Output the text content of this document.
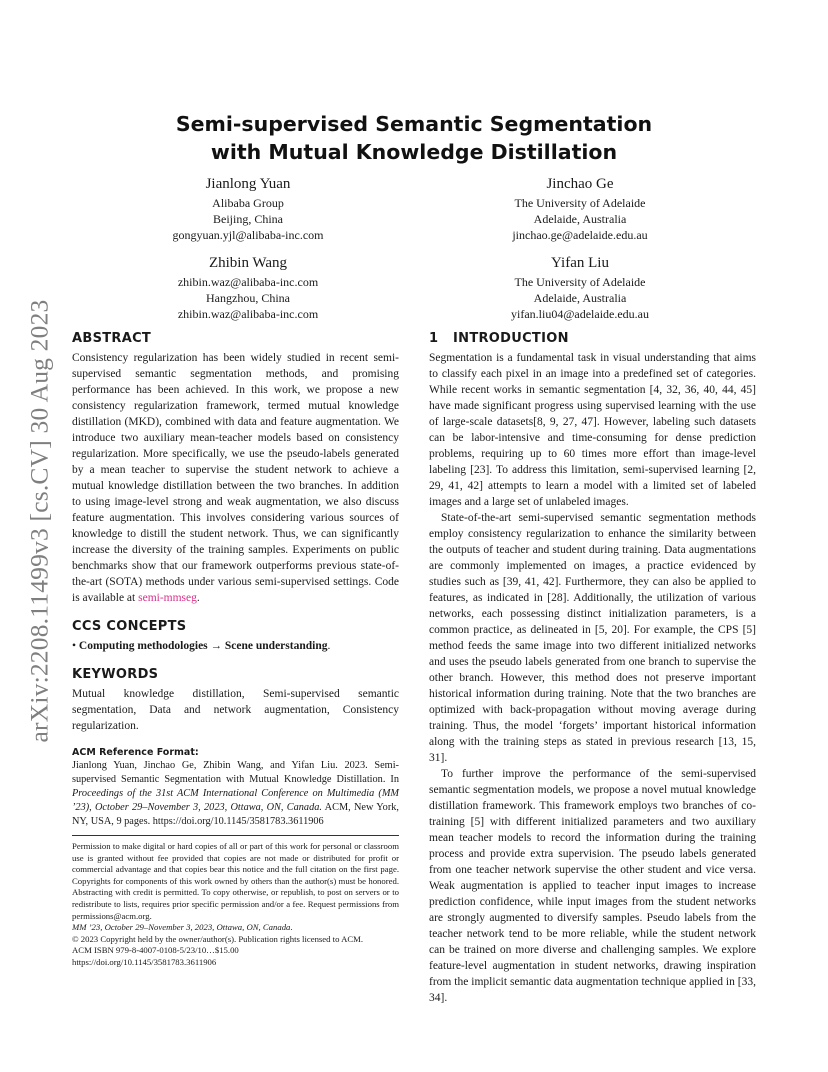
arXiv:2208.11499v3 [cs.CV] 30 Aug 2023
Semi-supervised Semantic Segmentation
with Mutual Knowledge Distillation
Jianlong Yuan
Alibaba Group
Beijing, China
gongyuan.yjl@alibaba-inc.com
Jinchao Ge
The University of Adelaide
Adelaide, Australia
jinchao.ge@adelaide.edu.au
Zhibin Wang
zhibin.waz@alibaba-inc.com
Hangzhou, China
zhibin.waz@alibaba-inc.com
Yifan Liu
The University of Adelaide
Adelaide, Australia
yifan.liu04@adelaide.edu.au
ABSTRACT

Consistency regularization has been widely studied in recent semi-supervised semantic segmentation methods, and promising performance has been achieved. In this work, we propose a new consistency regularization framework, termed mutual knowledge distillation (MKD), combined with data and feature augmentation. We introduce two auxiliary mean-teacher models based on consistency regularization. More specifically, we use the pseudo-labels generated by a mean teacher to supervise the student network to achieve a mutual knowledge distillation between the two branches. In addition to using image-level strong and weak augmentation, we also discuss feature augmentation. This involves considering various sources of knowledge to distill the student network. Thus, we can significantly increase the diversity of the training samples. Experiments on public benchmarks show that our framework outperforms previous state-of-the-art (SOTA) methods under various semi-supervised settings. Code is available at semi-mmseg.

CCS CONCEPTS
• Computing methodologies → Scene understanding.
KEYWORDS

Mutual knowledge distillation, Semi-supervised semantic segmentation, Data and network augmentation, Consistency regularization.

ACM Reference Format:

Jianlong Yuan, Jinchao Ge, Zhibin Wang, and Yifan Liu. 2023. Semi-supervised Semantic Segmentation with Mutual Knowledge Distillation. In Proceedings of the 31st ACM International Conference on Multimedia (MM ’23), October 29–November 3, 2023, Ottawa, ON, Canada. ACM, New York, NY, USA, 9 pages. https://doi.org/10.1145/3581783.3611906

Permission to make digital or hard copies of all or part of this work for personal or classroom use is granted without fee provided that copies are not made or distributed for profit or commercial advantage and that copies bear this notice and the full citation on the first page. Copyrights for components of this work owned by others than the author(s) must be honored. Abstracting with credit is permitted. To copy otherwise, or republish, to post on servers or to redistribute to lists, requires prior specific permission and/or a fee. Request permissions from permissions@acm.org.
MM ’23, October 29–November 3, 2023, Ottawa, ON, Canada.
© 2023 Copyright held by the owner/author(s). Publication rights licensed to ACM.
ACM ISBN 979-8-4007-0108-5/23/10…$15.00
https://doi.org/10.1145/3581783.3611906
1 INTRODUCTION

Segmentation is a fundamental task in visual understanding that aims to classify each pixel in an image into a predefined set of categories. While recent works in semantic segmentation [4, 32, 36, 40, 44, 45] have made significant progress using supervised learning with the use of large-scale datasets[8, 9, 27, 47]. However, labeling such datasets can be labor-intensive and time-consuming for dense prediction problems, requiring up to 60 times more effort than image-level labeling [23]. To address this limitation, semi-supervised learning [2, 29, 41, 42] attempts to learn a model with a limited set of labeled images and a large set of unlabeled images.

State-of-the-art semi-supervised semantic segmentation methods employ consistency regularization to enhance the similarity between the outputs of teacher and student during training. Data augmentations are commonly implemented on images, a practice evidenced by studies such as [39, 41, 42]. Furthermore, they can also be applied to features, as indicated in [28]. Additionally, the utilization of various networks, each possessing distinct initialization parameters, is a common practice, as delineated in [5, 20]. For example, the CPS [5] method feeds the same image into two different initialized networks and uses the pseudo labels generated from one branch to supervise the other branch. However, this method does not preserve important historical information during training. Note that the two branches are optimized with back-propagation without moving average during training. Thus, the model ‘forgets’ important historical information along with the training steps as stated in previous research [13, 15, 31].

To further improve the performance of the semi-supervised semantic segmentation models, we propose a novel mutual knowledge distillation framework. This framework employs two branches of co-training [5] with different initialized parameters and two auxiliary mean teacher models to record the information during the training process and provide extra supervision. The pseudo labels generated from one teacher network supervise the other student and vice versa. Weak augmentation is applied to teacher input images to increase prediction confidence, while input images from the student networks are strongly augmented to diversify samples. Pseudo labels from the teacher network tend to be more reliable, while the student network can be trained on more diverse and challenging samples. We explore feature-level augmentation in student networks, drawing inspiration from the implicit semantic data augmentation technique applied in [33, 34].
